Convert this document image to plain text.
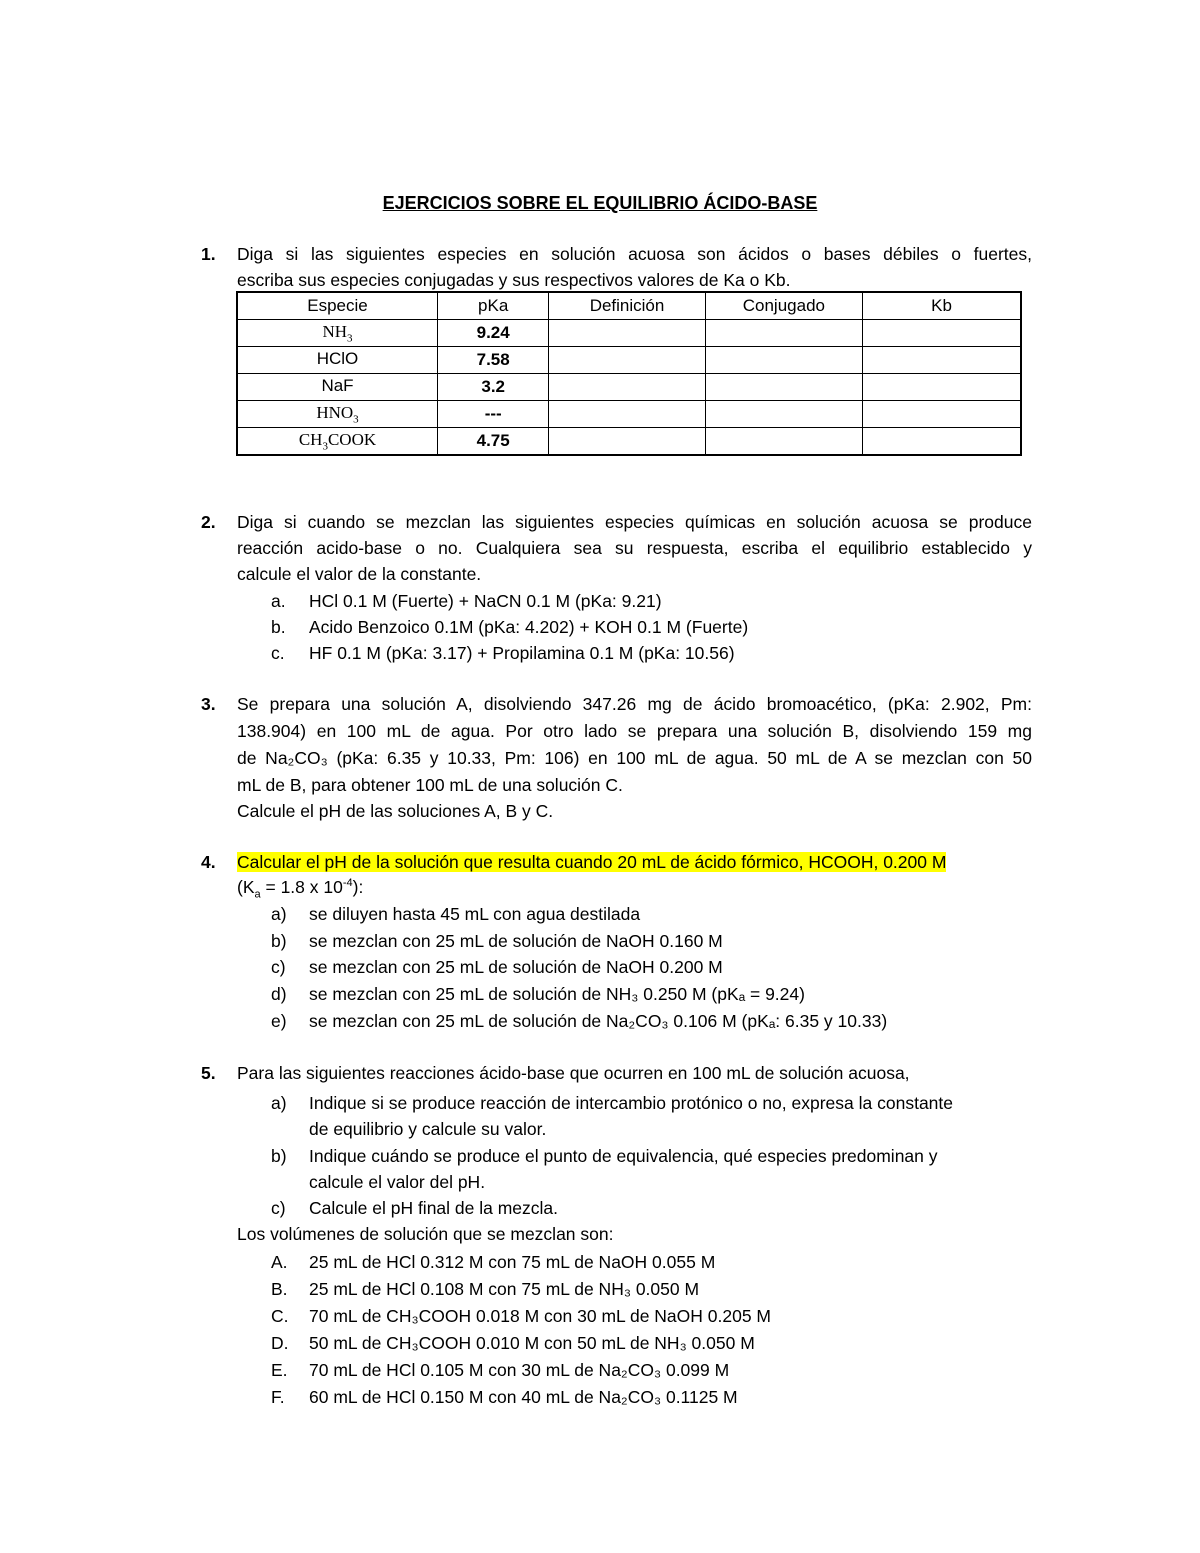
EJERCICIOS SOBRE EL EQUILIBRIO ÁCIDO-BASE
1. Diga si las siguientes especies en solución acuosa son ácidos o bases débiles o fuertes,
escriba sus especies conjugadas y sus respectivos valores de Ka o Kb.
Especie	pKa	Definición	Conjugado	Kb
$NH_3$	9.24			
HClO	7.58			
NaF	3.2			
$HNO_3$	---			
$CH_3COOK$	4.75			
2. Diga si cuando se mezclan las siguientes especies químicas en solución acuosa se produce
reacción acido-base o no. Cualquiera sea su respuesta, escriba el equilibrio establecido y
calcule el valor de la constante.
a. HCl 0.1 M (Fuerte) + NaCN 0.1 M (pKa: 9.21)
b. Acido Benzoico 0.1M (pKa: 4.202) + KOH 0.1 M (Fuerte)
c. HF 0.1 M (pKa: 3.17) + Propilamina 0.1 M (pKa: 10.56)
3. Se prepara una solución A, disolviendo 347.26 mg de ácido bromoacético, (pKa: 2.902, Pm:
138.904) en 100 mL de agua. Por otro lado se prepara una solución B, disolviendo 159 mg
de Na₂CO₃ (pKa: 6.35 y 10.33, Pm: 106) en 100 mL de agua. 50 mL de A se mezclan con 50
mL de B, para obtener 100 mL de una solución C.
Calcule el pH de las soluciones A, B y C.
4. Calcular el pH de la solución que resulta cuando 20 mL de ácido fórmico, HCOOH, 0.200 M
($K_a = 1.8$ x $10^{-4}$):
a) se diluyen hasta 45 mL con agua destilada
b) se mezclan con 25 mL de solución de NaOH 0.160 M
c) se mezclan con 25 mL de solución de NaOH 0.200 M
d) se mezclan con 25 mL de solución de NH₃ 0.250 M (pKₐ = 9.24)
e) se mezclan con 25 mL de solución de Na₂CO₃ 0.106 M (pKₐ: 6.35 y 10.33)
5. Para las siguientes reacciones ácido-base que ocurren en 100 mL de solución acuosa,
a) Indique si se produce reacción de intercambio protónico o no, expresa la constante
de equilibrio y calcule su valor.
b) Indique cuándo se produce el punto de equivalencia, qué especies predominan y
calcule el valor del pH.
c) Calcule el pH final de la mezcla.
Los volúmenes de solución que se mezclan son:
A. 25 mL de HCl 0.312 M con 75 mL de NaOH 0.055 M
B. 25 mL de HCl 0.108 M con 75 mL de NH₃ 0.050 M
C. 70 mL de CH₃COOH 0.018 M con 30 mL de NaOH 0.205 M
D. 50 mL de CH₃COOH 0.010 M con 50 mL de NH₃ 0.050 M
E. 70 mL de HCl 0.105 M con 30 mL de Na₂CO₃ 0.099 M
F. 60 mL de HCl 0.150 M con 40 mL de Na₂CO₃ 0.1125 M
